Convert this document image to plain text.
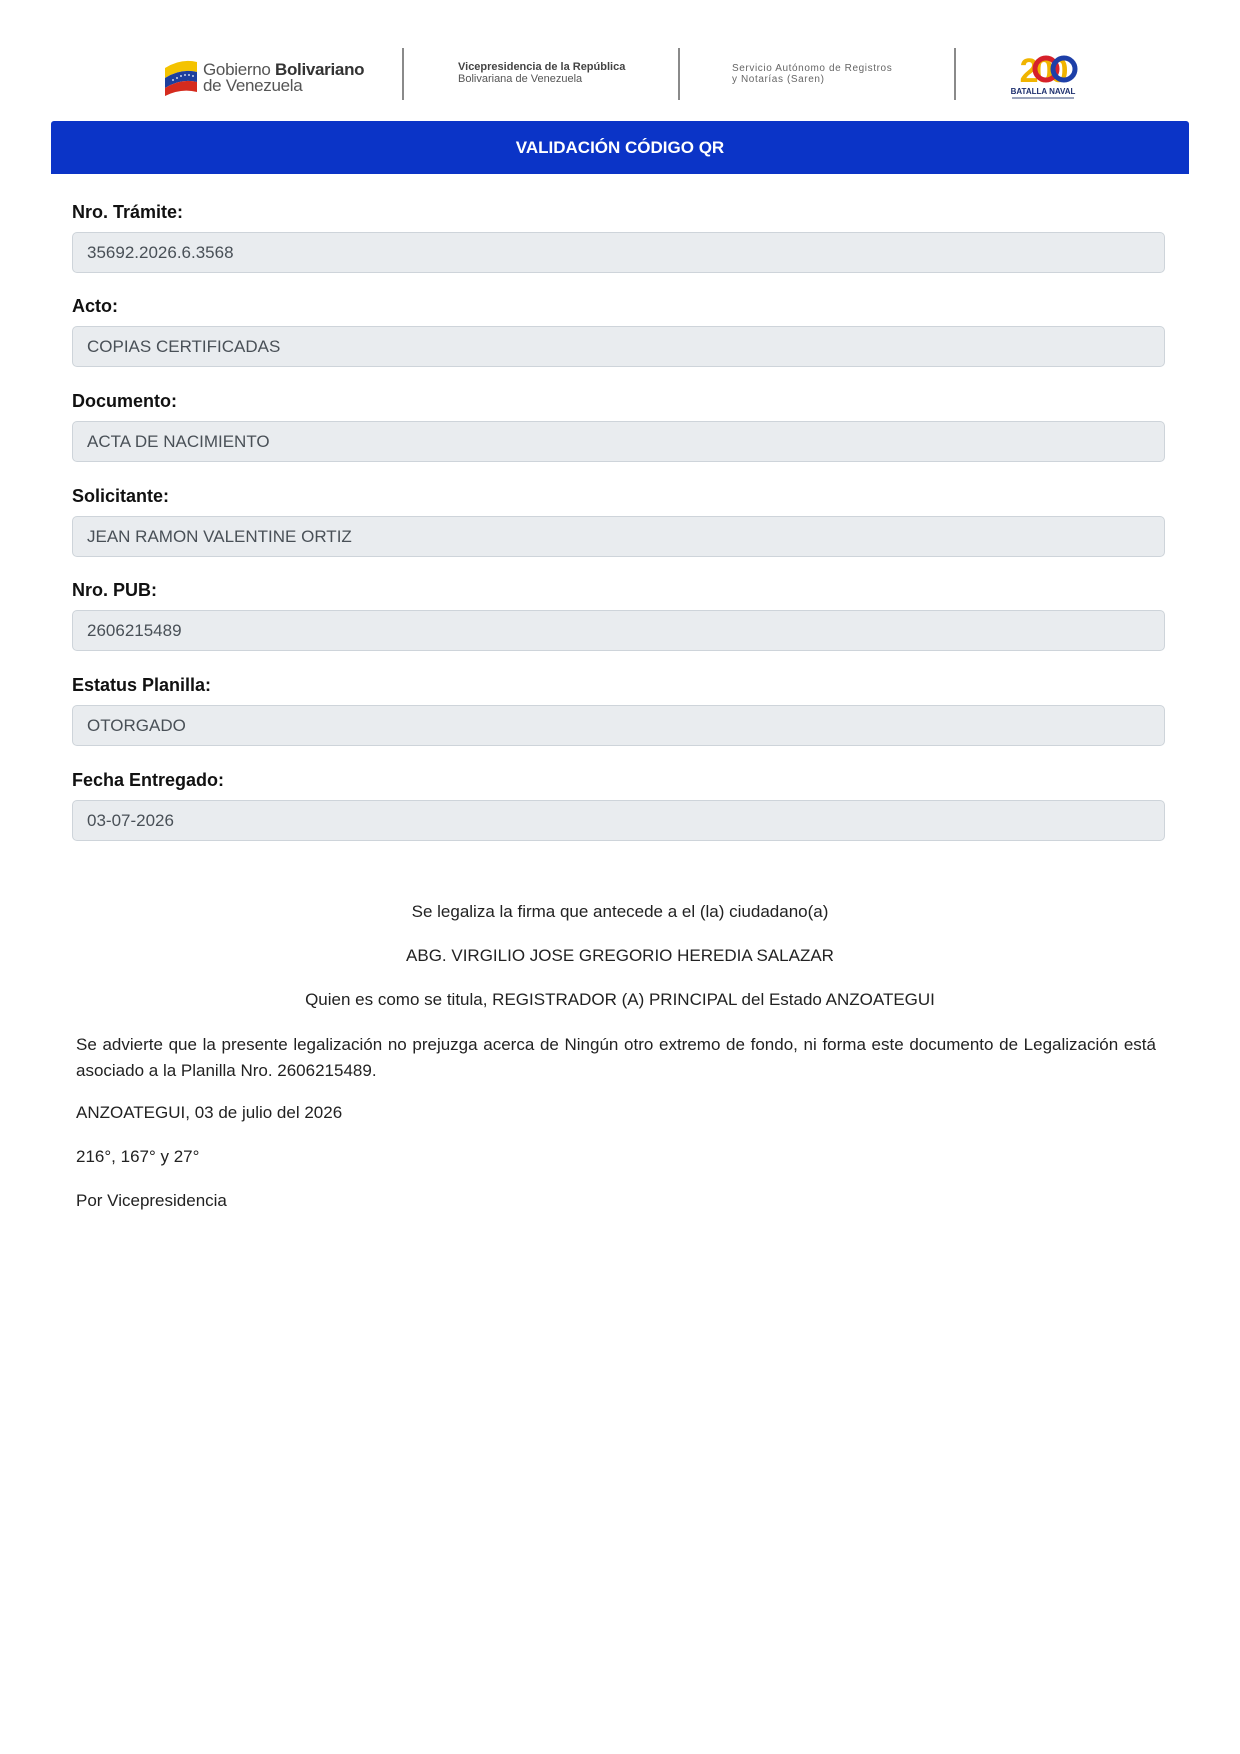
Gobierno Bolivariano
de Venezuela
Vicepresidencia de la República
Bolivariana de Venezuela
Servicio Autónomo de Registros
y Notarías (Saren)	200
BATALLA NAVAL
VALIDACIÓN CÓDIGO QR
Nro. Trámite:
35692.2026.6.3568
Acto:
COPIAS CERTIFICADAS
Documento:
ACTA DE NACIMIENTO
Solicitante:
JEAN RAMON VALENTINE ORTIZ
Nro. PUB:
2606215489
Estatus Planilla:
OTORGADO
Fecha Entregado:
03-07-2026
Se legaliza la firma que antecede a el (la) ciudadano(a)
ABG. VIRGILIO JOSE GREGORIO HEREDIA SALAZAR
Quien es como se titula, REGISTRADOR (A) PRINCIPAL del Estado ANZOATEGUI
Se advierte que la presente legalización no prejuzga acerca de Ningún otro extremo de fondo, ni forma este documento de Legalización está asociado a la Planilla Nro. 2606215489.
ANZOATEGUI, 03 de julio del 2026
216°, 167° y 27°
Por Vicepresidencia
